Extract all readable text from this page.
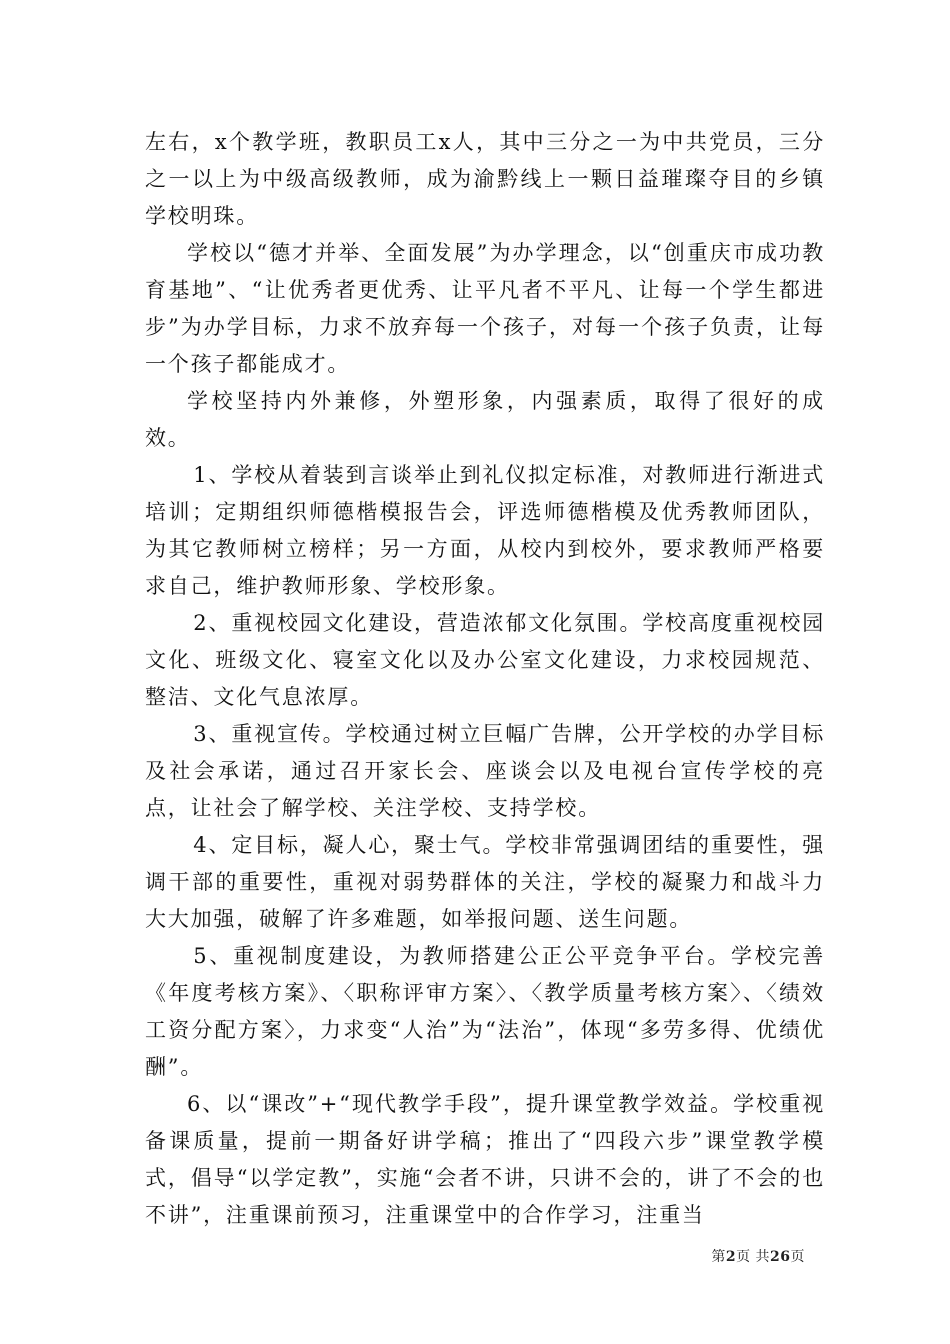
左右，x个教学班，教职员工x人，其中三分之一为中共党员，三分之一以上为中级高级教师，成为渝黔线上一颗日益璀璨夺目的乡镇学校明珠。

学校以“德才并举、全面发展”为办学理念，以“创重庆市成功教育基地”、“让优秀者更优秀、让平凡者不平凡、让每一个学生都进步”为办学目标，力求不放弃每一个孩子，对每一个孩子负责，让每一个孩子都能成才。

学校坚持内外兼修，外塑形象，内强素质，取得了很好的成效。

1、学校从着装到言谈举止到礼仪拟定标准，对教师进行渐进式培训；定期组织师德楷模报告会，评选师德楷模及优秀教师团队，为其它教师树立榜样；另一方面，从校内到校外，要求教师严格要求自己，维护教师形象、学校形象。

2、重视校园文化建设，营造浓郁文化氛围。学校高度重视校园文化、班级文化、寝室文化以及办公室文化建设，力求校园规范、整洁、文化气息浓厚。

3、重视宣传。学校通过树立巨幅广告牌，公开学校的办学目标及社会承诺，通过召开家长会、座谈会以及电视台宣传学校的亮点，让社会了解学校、关注学校、支持学校。

4、定目标，凝人心，聚士气。学校非常强调团结的重要性，强调干部的重要性，重视对弱势群体的关注，学校的凝聚力和战斗力大大加强，破解了许多难题，如举报问题、送生问题。

5、重视制度建设，为教师搭建公正公平竞争平台。学校完善《年度考核方案》、〈职称评审方案〉、〈教学质量考核方案〉、〈绩效工资分配方案〉，力求变“人治”为“法治”，体现“多劳多得、优绩优酬”。

6、以“课改”+“现代教学手段”，提升课堂教学效益。学校重视备课质量，提前一期备好讲学稿；推出了“四段六步”课堂教学模式，倡导“以学定教”，实施“会者不讲，只讲不会的，讲了不会的也不讲”，注重课前预习，注重课堂中的合作学习，注重当

第2页 共26页
